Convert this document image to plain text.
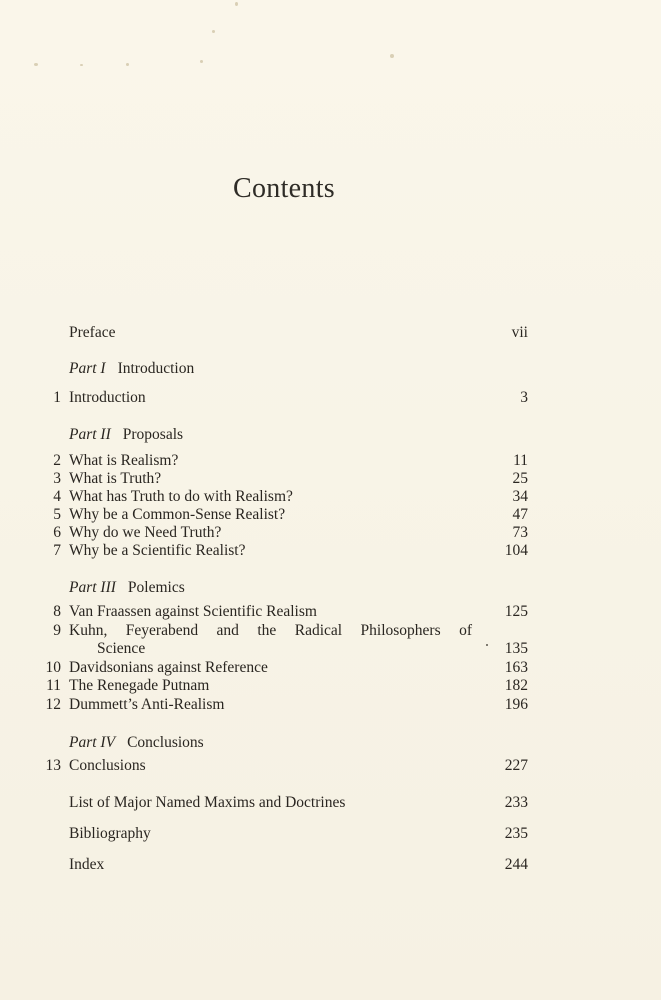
Contents
Preface	vii
Part I Introduction
1 Introduction	3
Part II Proposals
2 What is Realism?	11
3 What is Truth?	25
4 What has Truth to do with Realism?	34
5 Why be a Common-Sense Realist?	47
6 Why do we Need Truth?	73
7 Why be a Scientific Realist?	104
Part III Polemics
8 Van Fraassen against Scientific Realism	125
9 Kuhn, Feyerabend and the Radical Philosophers of
Science	135
10 Davidsonians against Reference	163
11 The Renegade Putnam	182
12 Dummett’s Anti-Realism	196
Part IV Conclusions
13 Conclusions	227
List of Major Named Maxims and Doctrines	233
Bibliography	235
Index	244
